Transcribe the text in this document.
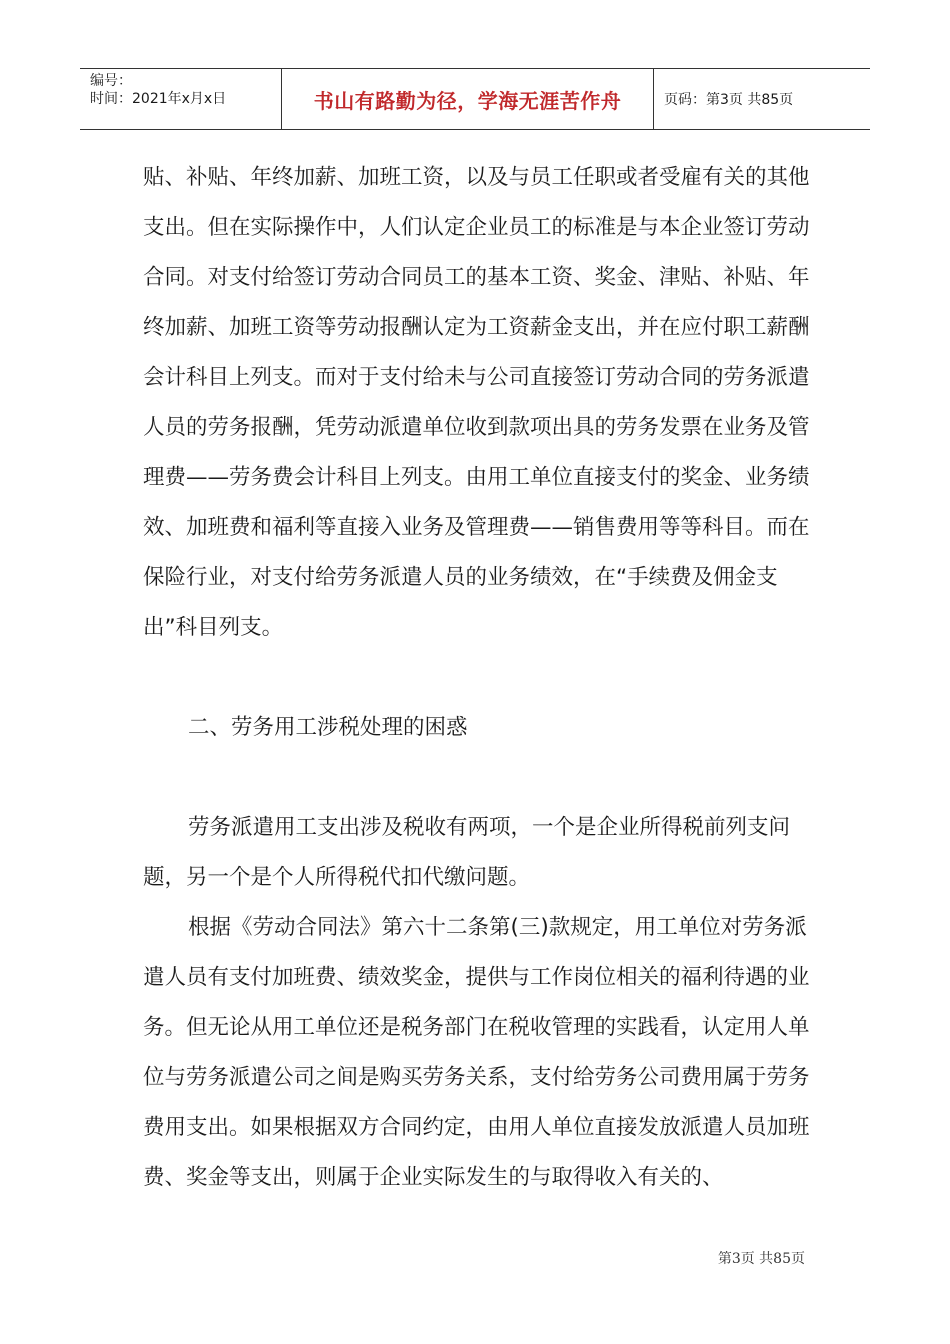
编号：
时间：2021年x月x日	书山有路勤为径，学海无涯苦作舟	页码：第3页 共85页

贴、补贴、年终加薪、加班工资，以及与员工任职或者受雇有关的其他支出。但在实际操作中，人们认定企业员工的标准是与本企业签订劳动合同。对支付给签订劳动合同员工的基本工资、奖金、津贴、补贴、年终加薪、加班工资等劳动报酬认定为工资薪金支出，并在应付职工薪酬会计科目上列支。而对于支付给未与公司直接签订劳动合同的劳务派遣人员的劳务报酬，凭劳动派遣单位收到款项出具的劳务发票在业务及管理费——劳务费会计科目上列支。由用工单位直接支付的奖金、业务绩效、加班费和福利等直接入业务及管理费——销售费用等等科目。而在保险行业，对支付给劳务派遣人员的业务绩效，在“手续费及佣金支出”科目列支。

二、劳务用工涉税处理的困惑

劳务派遣用工支出涉及税收有两项，一个是企业所得税前列支问题，另一个是个人所得税代扣代缴问题。

根据《劳动合同法》第六十二条第(三)款规定，用工单位对劳务派遣人员有支付加班费、绩效奖金，提供与工作岗位相关的福利待遇的业务。但无论从用工单位还是税务部门在税收管理的实践看，认定用人单位与劳务派遣公司之间是购买劳务关系，支付给劳务公司费用属于劳务费用支出。如果根据双方合同约定，由用人单位直接发放派遣人员加班费、奖金等支出，则属于企业实际发生的与取得收入有关的、

第3页 共85页
